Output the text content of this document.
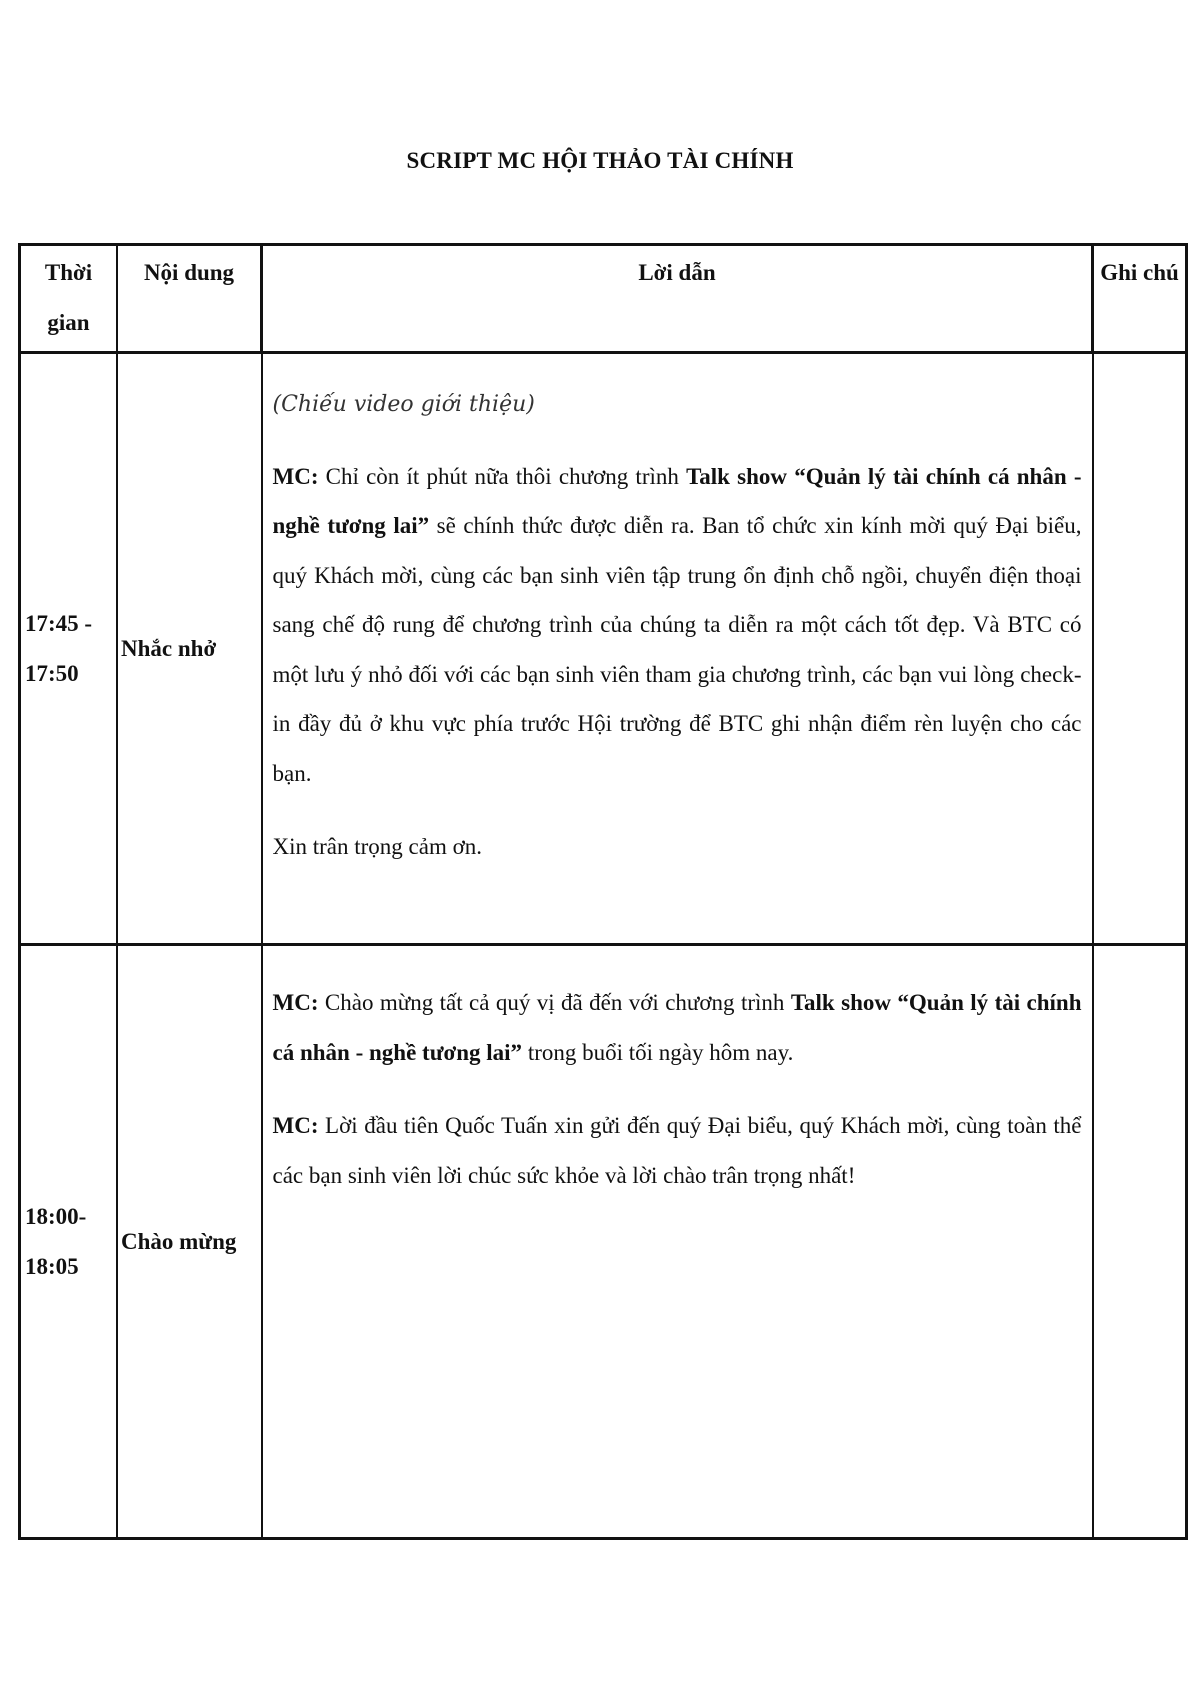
SCRIPT MC HỘI THẢO TÀI CHÍNH
Thời gian	Nội dung	Lời dẫn	Ghi chú
17:45 - 17:50	Nhắc nhở	(Chiếu video giới thiệu)

MC: Chỉ còn ít phút nữa thôi chương trình Talk show “Quản lý tài chính cá nhân - nghề tương lai” sẽ chính thức được diễn ra. Ban tổ chức xin kính mời quý Đại biểu, quý Khách mời, cùng các bạn sinh viên tập trung ổn định chỗ ngồi, chuyển điện thoại sang chế độ rung để chương trình của chúng ta diễn ra một cách tốt đẹp. Và BTC có một lưu ý nhỏ đối với các bạn sinh viên tham gia chương trình, các bạn vui lòng check-in đầy đủ ở khu vực phía trước Hội trường để BTC ghi nhận điểm rèn luyện cho các bạn.

Xin trân trọng cảm ơn.	

18:00- 18:05	Chào mừng	MC: Chào mừng tất cả quý vị đã đến với chương trình Talk show “Quản lý tài chính cá nhân - nghề tương lai” trong buổi tối ngày hôm nay.

MC: Lời đầu tiên Quốc Tuấn xin gửi đến quý Đại biểu, quý Khách mời, cùng toàn thể các bạn sinh viên lời chúc sức khỏe và lời chào trân trọng nhất!	
